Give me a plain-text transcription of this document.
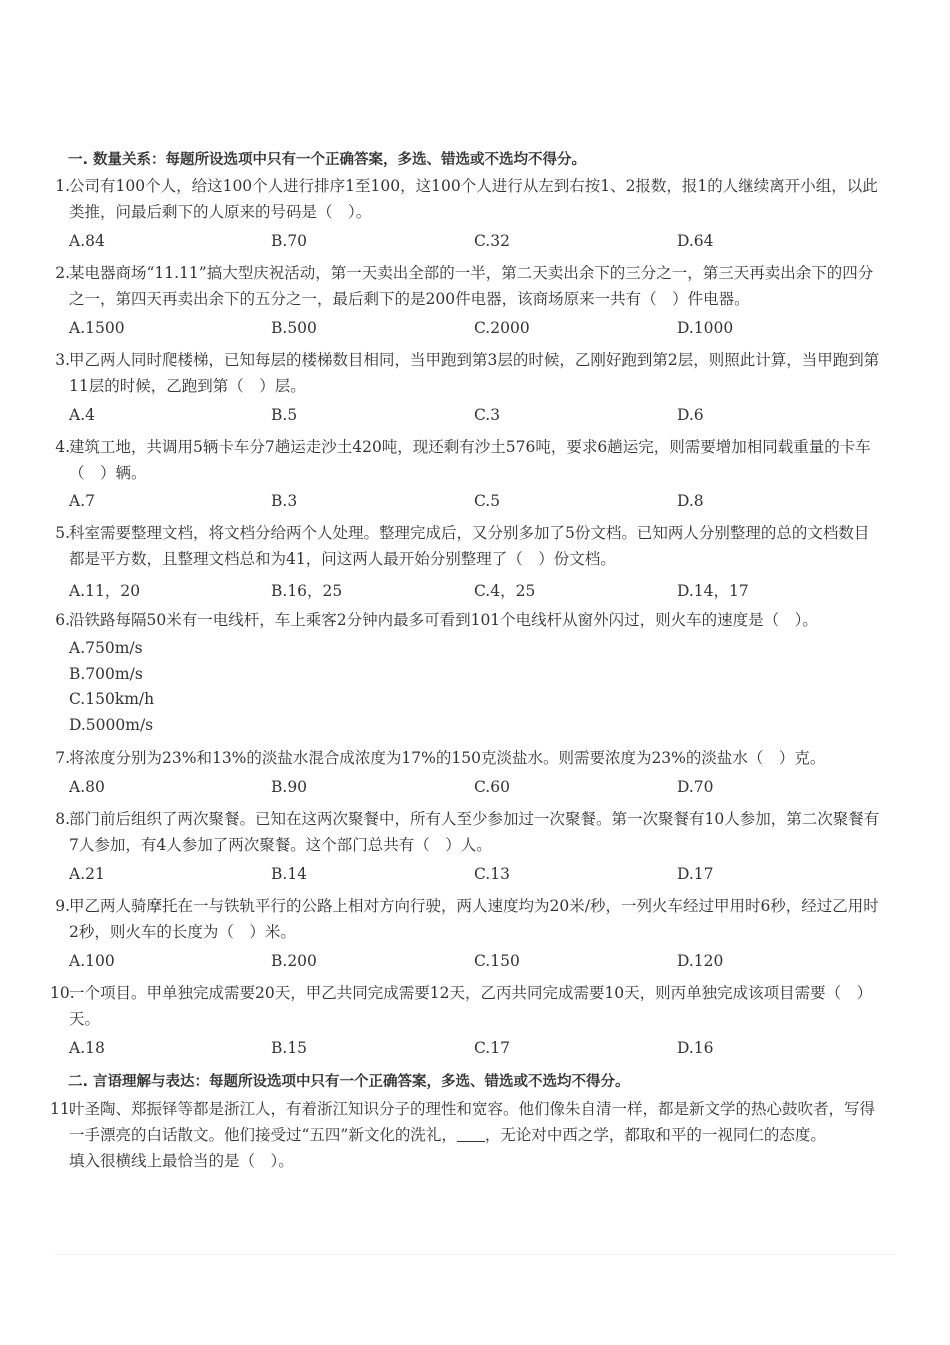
一. 数量关系：每题所设选项中只有一个正确答案，多选、错选或不选均不得分。
1. 公司有100个人，给这100个人进行排序1至100，这100个人进行从左到右按1、2报数，报1的人继续离开小组，以此类推，问最后剩下的人原来的号码是（　）。
A.84	B.70	C.32	D.64
2. 某电器商场“11.11”搞大型庆祝活动，第一天卖出全部的一半，第二天卖出余下的三分之一，第三天再卖出余下的四分之一，第四天再卖出余下的五分之一，最后剩下的是200件电器，该商场原来一共有（　）件电器。
A.1500	B.500	C.2000	D.1000
3. 甲乙两人同时爬楼梯，已知每层的楼梯数目相同，当甲跑到第3层的时候，乙刚好跑到第2层，则照此计算，当甲跑到第11层的时候，乙跑到第（　）层。
A.4	B.5	C.3	D.6
4. 建筑工地，共调用5辆卡车分7趟运走沙土420吨，现还剩有沙土576吨，要求6趟运完，则需要增加相同载重量的卡车（　）辆。
A.7	B.3	C.5	D.8
5. 科室需要整理文档，将文档分给两个人处理。整理完成后，又分别多加了5份文档。已知两人分别整理的总的文档数目都是平方数，且整理文档总和为41，问这两人最开始分别整理了（　）份文档。
A.11，20	B.16，25	C.4，25	D.14，17
6. 沿铁路每隔50米有一电线杆，车上乘客2分钟内最多可看到101个电线杆从窗外闪过，则火车的速度是（　）。
A.750m/s
B.700m/s
C.150km/h
D.5000m/s
7. 将浓度分别为23%和13%的淡盐水混合成浓度为17%的150克淡盐水。则需要浓度为23%的淡盐水（　）克。
A.80	B.90	C.60	D.70
8. 部门前后组织了两次聚餐。已知在这两次聚餐中，所有人至少参加过一次聚餐。第一次聚餐有10人参加，第二次聚餐有7人参加，有4人参加了两次聚餐。这个部门总共有（　）人。
A.21	B.14	C.13	D.17
9. 甲乙两人骑摩托在一与铁轨平行的公路上相对方向行驶，两人速度均为20米/秒，一列火车经过甲用时6秒，经过乙用时2秒，则火车的长度为（　）米。
A.100	B.200	C.150	D.120
10.
一个项目。甲单独完成需要20天，甲乙共同完成需要12天，乙丙共同完成需要10天，则丙单独完成该项目需要（　）天。
A.18	B.15	C.17	D.16
二. 言语理解与表达：每题所设选项中只有一个正确答案，多选、错选或不选均不得分。
11.
叶圣陶、郑振铎等都是浙江人，有着浙江知识分子的理性和宽容。他们像朱自清一样，都是新文学的热心鼓吹者，写得一手漂亮的白话散文。他们接受过“五四”新文化的洗礼， ，无论对中西之学，都取和平的一视同仁的态度。
填入很横线上最恰当的是（　）。
